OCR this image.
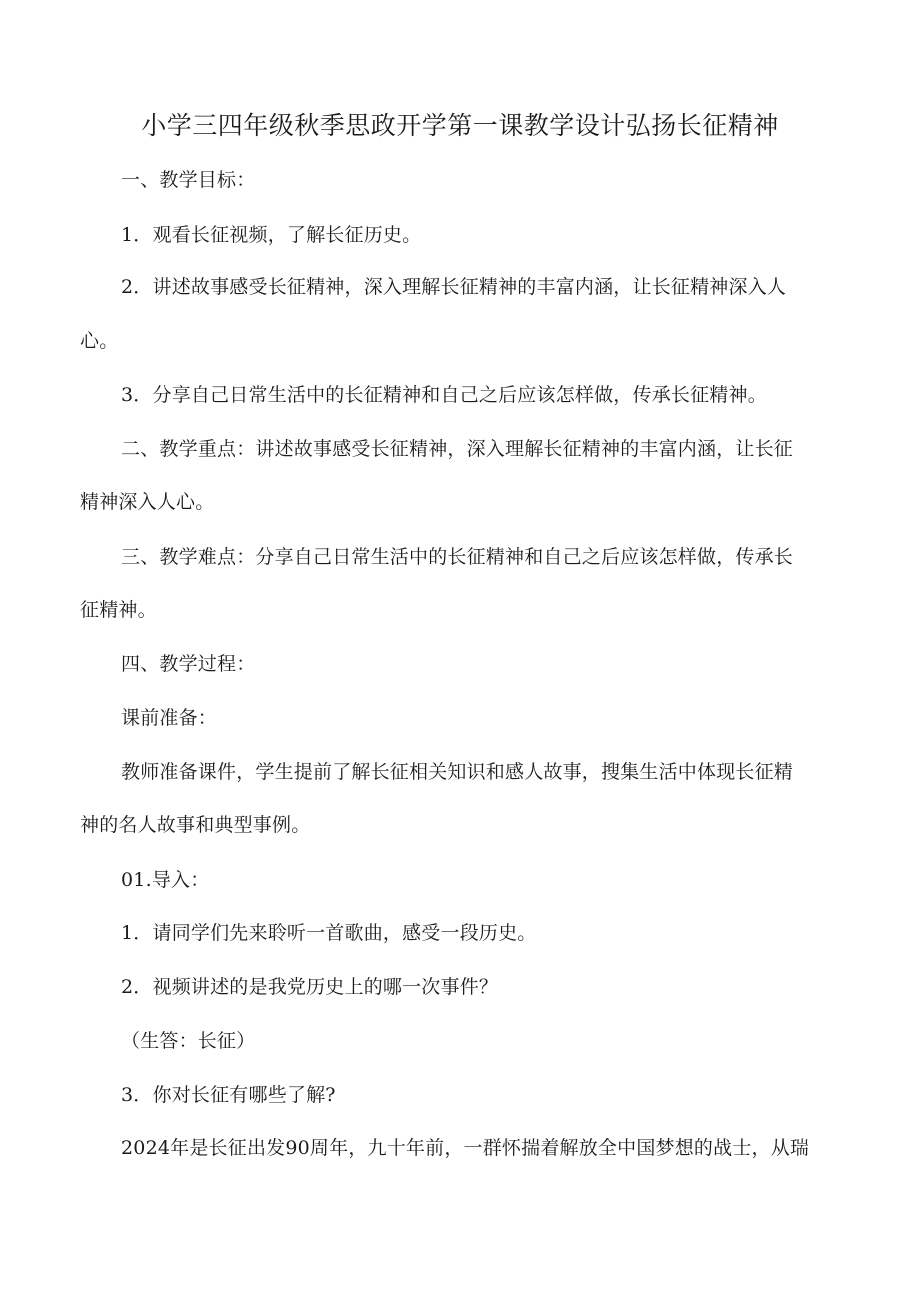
小学三四年级秋季思政开学第一课教学设计弘扬长征精神
一、教学目标：
1．观看长征视频，了解长征历史。
2．讲述故事感受长征精神，深入理解长征精神的丰富内涵，让长征精神深入人
心。
3．分享自己日常生活中的长征精神和自己之后应该怎样做，传承长征精神。
二、教学重点：讲述故事感受长征精神，深入理解长征精神的丰富内涵，让长征
精神深入人心。
三、教学难点：分享自己日常生活中的长征精神和自己之后应该怎样做，传承长
征精神。
四、教学过程：
课前准备：
教师准备课件，学生提前了解长征相关知识和感人故事，搜集生活中体现长征精
神的名人故事和典型事例。
01.导入：
1．请同学们先来聆听一首歌曲，感受一段历史。
2．视频讲述的是我党历史上的哪一次事件？
（生答：长征）
3．你对长征有哪些了解?
2024年是长征出发90周年，九十年前，一群怀揣着解放全中国梦想的战士，从瑞
